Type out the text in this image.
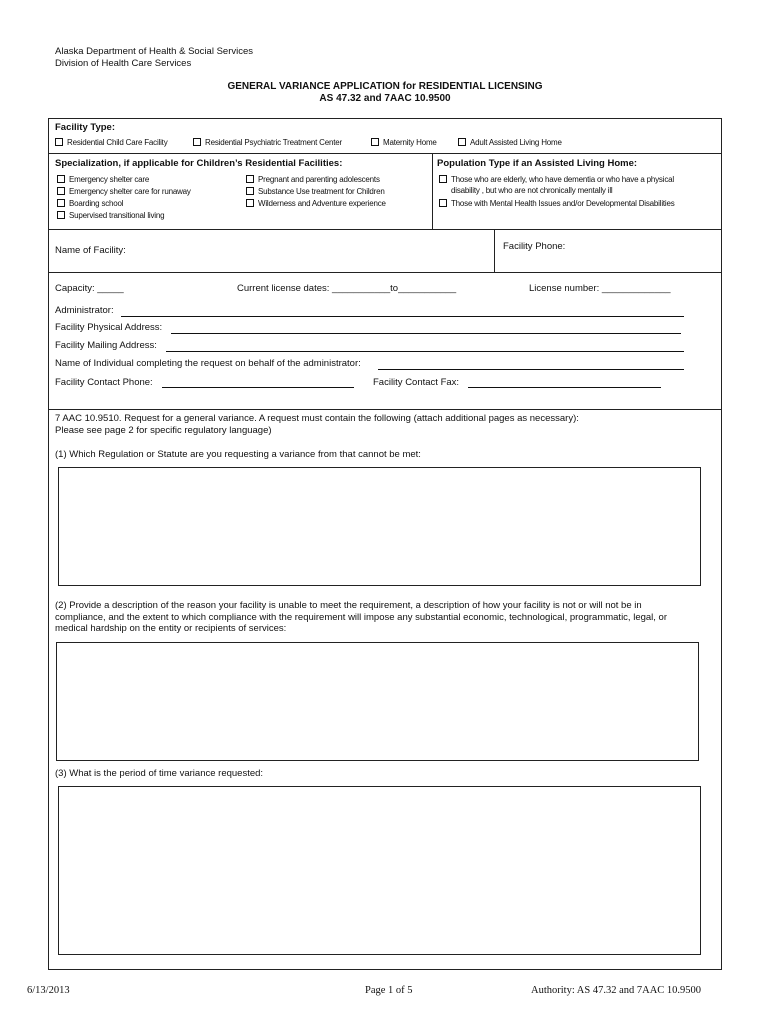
Alaska Department of Health & Social Services
Division of Health Care Services
GENERAL VARIANCE APPLICATION for RESIDENTIAL LICENSING
AS 47.32 and 7AAC 10.9500
Facility Type:
Residential Child Care Facility	Residential Psychiatric Treatment Center	Maternity Home	Adult Assisted Living Home
Specialization, if applicable for Children’s Residential Facilities:	Population Type if an Assisted Living Home:
Emergency shelter care
Emergency shelter care for runaway
Boarding school
Supervised transitional living
Pregnant and parenting adolescents
Substance Use treatment for Children
Wilderness and Adventure experience
Those who are elderly, who have dementia or who have a physical
disability , but who are not chronically mentally ill
Those with Mental Health Issues and/or Developmental Disabilities
Name of Facility:	Facility Phone:
Capacity: _____	Current license dates: ___________to___________	License number: _____________
Administrator:
Facility Physical Address:
Facility Mailing Address:
Name of Individual completing the request on behalf of the administrator:
Facility Contact Phone:	Facility Contact Fax:
7 AAC 10.9510. Request for a general variance. A request must contain the following (attach additional pages as necessary):
Please see page 2 for specific regulatory language)
(1) Which Regulation or Statute are you requesting a variance from that cannot be met:
(2) Provide a description of the reason your facility is unable to meet the requirement, a description of how your facility is not or will not be in
compliance, and the extent to which compliance with the requirement will impose any substantial economic, technological, programmatic, legal, or
medical hardship on the entity or recipients of services:
(3) What is the period of time variance requested:
6/13/2013	Page 1 of 5	Authority: AS 47.32 and 7AAC 10.9500
